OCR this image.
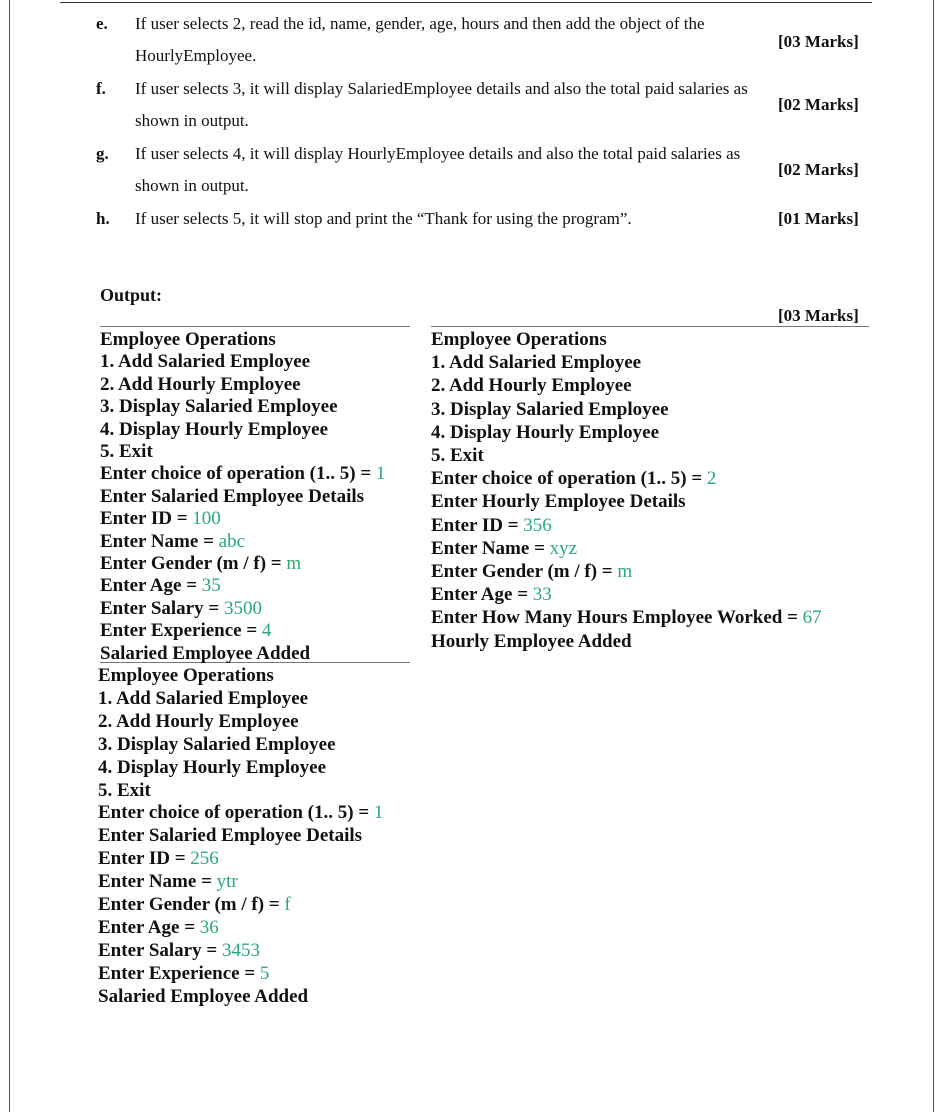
e. If user selects 2, read the id, name, gender, age, hours and then add the object of the HourlyEmployee.
[03 Marks]
f. If user selects 3, it will display SalariedEmployee details and also the total paid salaries as shown in output.
[02 Marks]
g. If user selects 4, it will display HourlyEmployee details and also the total paid salaries as shown in output.
[02 Marks]
h. If user selects 5, it will stop and print the “Thank for using the program”.	[01 Marks]
Output:
[03 Marks]
Employee Operations
1. Add Salaried Employee
2. Add Hourly Employee
3. Display Salaried Employee
4. Display Hourly Employee
5. Exit
Enter choice of operation (1.. 5) = 1
Enter Salaried Employee Details
Enter ID = 100
Enter Name = abc
Enter Gender (m / f) = m
Enter Age = 35
Enter Salary = 3500
Enter Experience = 4
Salaried Employee Added
Employee Operations
1. Add Salaried Employee
2. Add Hourly Employee
3. Display Salaried Employee
4. Display Hourly Employee
5. Exit
Enter choice of operation (1.. 5) = 2
Enter Hourly Employee Details
Enter ID = 356
Enter Name = xyz
Enter Gender (m / f) = m
Enter Age = 33
Enter How Many Hours Employee Worked = 67
Hourly Employee Added
Employee Operations
1. Add Salaried Employee
2. Add Hourly Employee
3. Display Salaried Employee
4. Display Hourly Employee
5. Exit
Enter choice of operation (1.. 5) = 1
Enter Salaried Employee Details
Enter ID = 256
Enter Name = ytr
Enter Gender (m / f) = f
Enter Age = 36
Enter Salary = 3453
Enter Experience = 5
Salaried Employee Added
